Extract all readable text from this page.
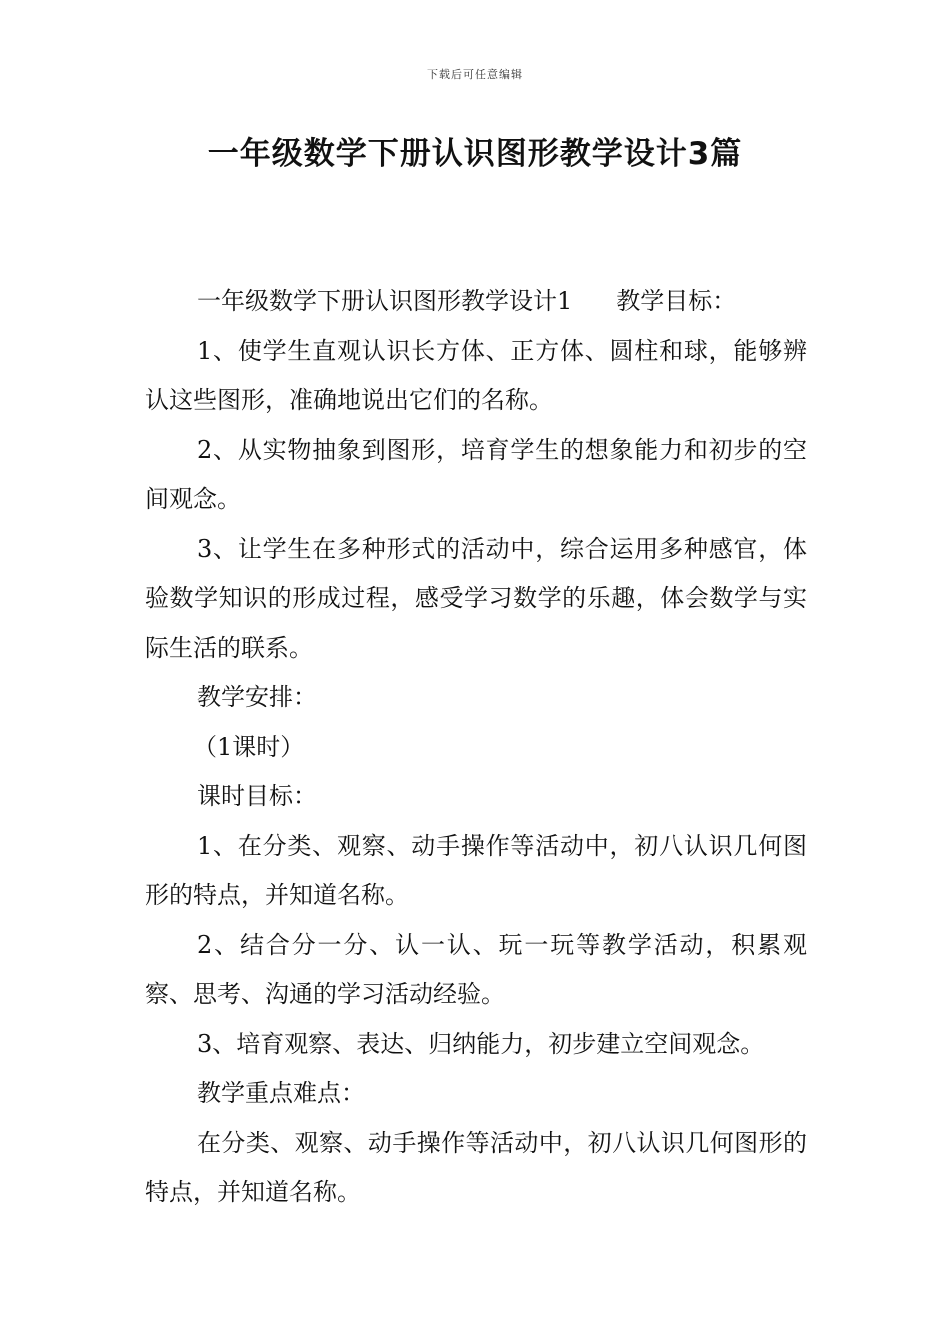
下载后可任意编辑
一年级数学下册认识图形教学设计3篇

一年级数学下册认识图形教学设计1 教学目标：

1、使学生直观认识长方体、正方体、圆柱和球，能够辨认这些图形，准确地说出它们的名称。

2、从实物抽象到图形，培育学生的想象能力和初步的空间观念。

3、让学生在多种形式的活动中，综合运用多种感官，体验数学知识的形成过程，感受学习数学的乐趣，体会数学与实际生活的联系。

教学安排：

（1课时）

课时目标：

1、在分类、观察、动手操作等活动中，初八认识几何图形的特点，并知道名称。

2、结合分一分、认一认、玩一玩等教学活动，积累观察、思考、沟通的学习活动经验。

3、培育观察、表达、归纳能力，初步建立空间观念。

教学重点难点：

在分类、观察、动手操作等活动中，初八认识几何图形的特点，并知道名称。
